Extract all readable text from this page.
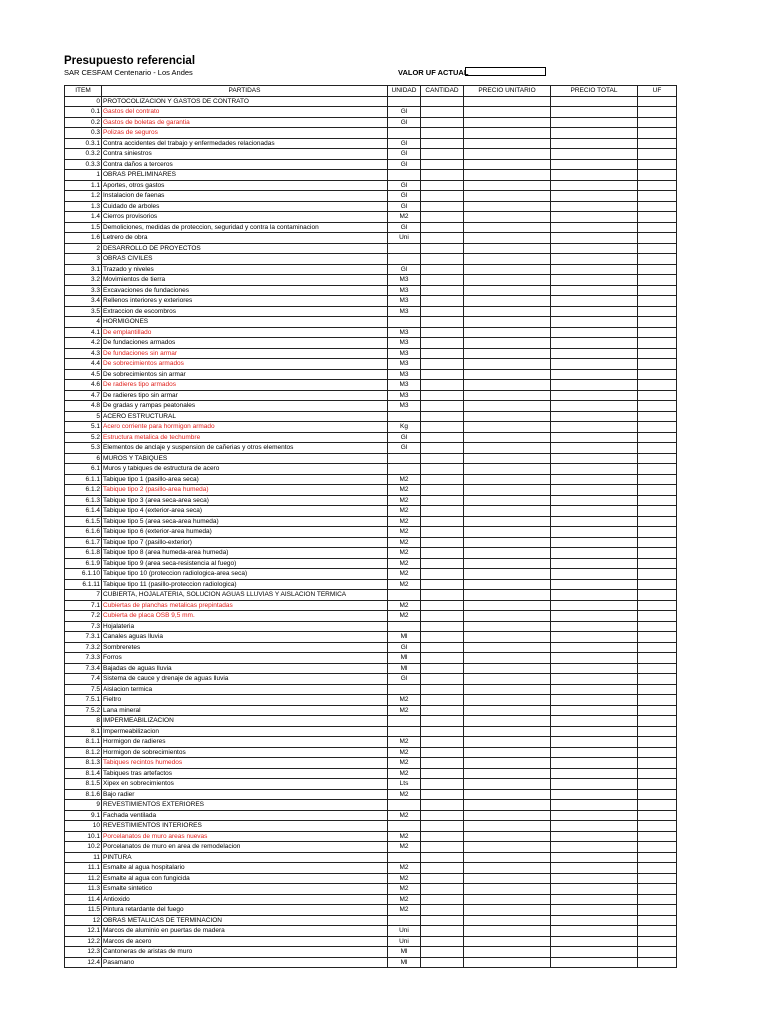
Presupuesto referencial
SAR CESFAM Centenario - Los Andes	VALOR UF ACTUAL
ITEM	PARTIDAS	UNIDAD	CANTIDAD	PRECIO UNITARIO	PRECIO TOTAL	UF
0	PROTOCOLIZACION Y GASTOS DE CONTRATO					
0.1	Gastos del contrato	Gl				
0.2	Gastos de boletas de garantia	Gl				
0.3	Polizas de seguros					
0.3.1	Contra accidentes del trabajo y enfermedades relacionadas	Gl				
0.3.2	Contra siniestros	Gl				
0.3.3	Contra daños a terceros	Gl				
1	OBRAS PRELIMINARES					
1.1	Aportes, otros gastos	Gl				
1.2	Instalacion de faenas	Gl				
1.3	Cuidado de arboles	Gl				
1.4	Cierros provisorios	M2				
1.5	Demoliciones, medidas de proteccion, seguridad y contra la contaminacion	Gl				
1.6	Letrero de obra	Uni				
2	DESARROLLO DE PROYECTOS					
3	OBRAS CIVILES					
3.1	Trazado y niveles	Gl				
3.2	Movimientos de tierra	M3				
3.3	Excavaciones de fundaciones	M3				
3.4	Rellenos interiores y exteriores	M3				
3.5	Extraccion de escombros	M3				
4	HORMIGONES					
4.1	De emplantillado	M3				
4.2	De fundaciones armados	M3				
4.3	De fundaciones sin armar	M3				
4.4	De sobrecimientos armados	M3				
4.5	De sobrecimientos sin armar	M3				
4.6	De radieres tipo armados	M3				
4.7	De radieres tipo sin armar	M3				
4.8	De gradas y rampas peatonales	M3				
5	ACERO ESTRUCTURAL					
5.1	Acero corriente para hormigon armado	Kg				
5.2	Estructura metalica de techumbre	Gl				
5.3	Elementos de anclaje y suspension de cañerias y otros elementos	Gl				
6	MUROS Y TABIQUES					
6.1	Muros y tabiques de estructura de acero					
6.1.1	Tabique tipo 1 (pasillo-area seca)	M2				
6.1.2	Tabique tipo 2 (pasillo-area humeda)	M2				
6.1.3	Tabique tipo 3 (area seca-area seca)	M2				
6.1.4	Tabique tipo 4 (exterior-area seca)	M2				
6.1.5	Tabique tipo 5 (area seca-area humeda)	M2				
6.1.6	Tabique tipo 6 (exterior-area humeda)	M2				
6.1.7	Tabique tipo 7 (pasillo-exterior)	M2				
6.1.8	Tabique tipo 8 (area humeda-area humeda)	M2				
6.1.9	Tabique tipo 9 (area seca-resistencia al fuego)	M2				
6.1.10	Tabique tipo 10 (proteccion radiologica-area seca)	M2				
6.1.11	Tabique tipo 11 (pasillo-proteccion radiologica)	M2				
7	CUBIERTA, HOJALATERIA, SOLUCION AGUAS LLUVIAS Y AISLACION TERMICA					
7.1	Cubiertas de planchas metalicas prepintadas	M2				
7.2	Cubierta de placa OSB 9,5 mm.	M2				
7.3	Hojalateria					
7.3.1	Canales aguas lluvia	Ml				
7.3.2	Sombreretes	Gl				
7.3.3	Forros	Ml				
7.3.4	Bajadas de aguas lluvia	Ml				
7.4	Sistema de cauce y drenaje de aguas lluvia	Gl				
7.5	Aislacion termica					
7.5.1	Fieltro	M2				
7.5.2	Lana mineral	M2				
8	IMPERMEABILIZACION					
8.1	Impermeabilizacion					
8.1.1	Hormigon de radieres	M2				
8.1.2	Hormigon de sobrecimientos	M2				
8.1.3	Tabiques recintos humedos	M2				
8.1.4	Tabiques tras artefactos	M2				
8.1.5	Xipex en sobrecimientos	Lts				
8.1.6	Bajo radier	M2				
9	REVESTIMIENTOS EXTERIORES					
9.1	Fachada ventilada	M2				
10	REVESTIMIENTOS INTERIORES					
10.1	Porcelanatos de muro areas nuevas	M2				
10.2	Porcelanatos de muro en area de remodelacion	M2				
11	PINTURA					
11.1	Esmalte al agua hospitalario	M2				
11.2	Esmalte al agua con fungicida	M2				
11.3	Esmalte sintetico	M2				
11.4	Antioxido	M2				
11.5	Pintura retardante del fuego	M2				
12	OBRAS METALICAS DE TERMINACION					
12.1	Marcos de aluminio en puertas de madera	Uni				
12.2	Marcos de acero	Uni				
12.3	Cantoneras de aristas de muro	Ml				
12.4	Pasamano	Ml				
